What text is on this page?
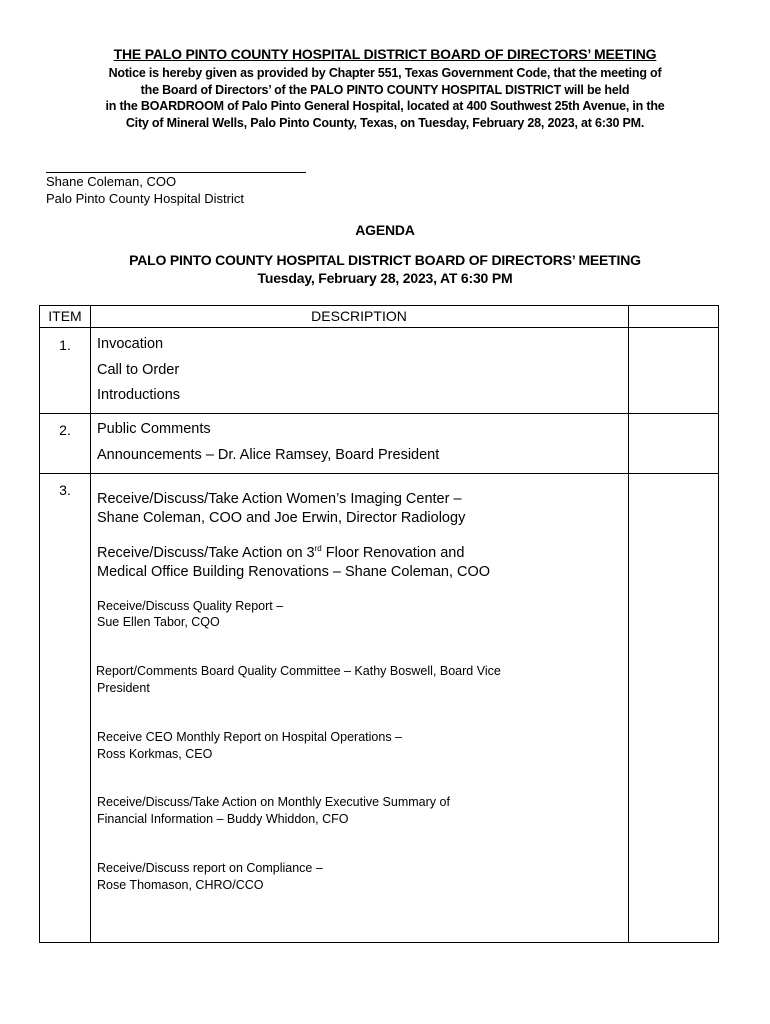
THE PALO PINTO COUNTY HOSPITAL DISTRICT BOARD OF DIRECTORS’ MEETING
Notice is hereby given as provided by Chapter 551, Texas Government Code, that the meeting of
the Board of Directors’ of the PALO PINTO COUNTY HOSPITAL DISTRICT will be held
in the BOARDROOM of Palo Pinto General Hospital, located at 400 Southwest 25th Avenue, in the
City of Mineral Wells, Palo Pinto County, Texas, on Tuesday, February 28, 2023, at 6:30 PM.
Shane Coleman, COO
Palo Pinto County Hospital District
AGENDA
PALO PINTO COUNTY HOSPITAL DISTRICT BOARD OF DIRECTORS’ MEETING
Tuesday, February 28, 2023, AT 6:30 PM
ITEM	DESCRIPTION
1.	Invocation
Call to Order
Introductions
2.	Public Comments
Announcements – Dr. Alice Ramsey, Board President
3.
Receive/Discuss/Take Action Women’s Imaging Center –
Shane Coleman, COO and Joe Erwin, Director Radiology
Receive/Discuss/Take Action on 3rd Floor Renovation and
Medical Office Building Renovations – Shane Coleman, COO
Receive/Discuss Quality Report –
Sue Ellen Tabor, CQO
Report/Comments Board Quality Committee – Kathy Boswell, Board Vice
President
Receive CEO Monthly Report on Hospital Operations –
Ross Korkmas, CEO
Receive/Discuss/Take Action on Monthly Executive Summary of
Financial Information – Buddy Whiddon, CFO
Receive/Discuss report on Compliance –
Rose Thomason, CHRO/CCO
